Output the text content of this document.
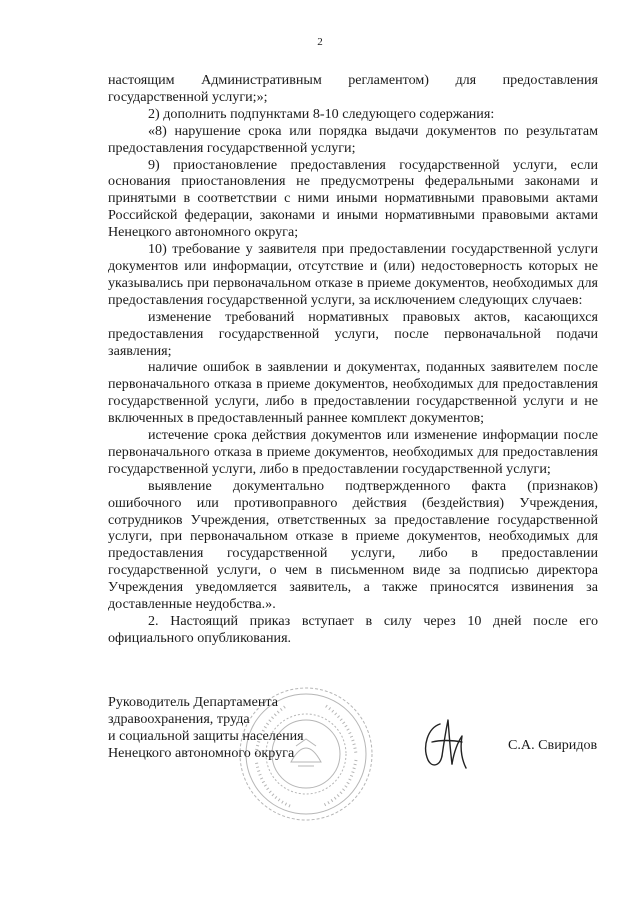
2

настоящим Административным регламентом) для предоставления государственной услуги;»;

2) дополнить подпунктами 8-10 следующего содержания:

«8) нарушение срока или порядка выдачи документов по результатам предоставления государственной услуги;

9) приостановление предоставления государственной услуги, если основания приостановления не предусмотрены федеральными законами и принятыми в соответствии с ними иными нормативными правовыми актами Российской федерации, законами и иными нормативными правовыми актами Ненецкого автономного округа;

10) требование у заявителя при предоставлении государственной услуги документов или информации, отсутствие и (или) недостоверность которых не указывались при первоначальном отказе в приеме документов, необходимых для предоставления государственной услуги, за исключением следующих случаев:

изменение требований нормативных правовых актов, касающихся предоставления государственной услуги, после первоначальной подачи заявления;

наличие ошибок в заявлении и документах, поданных заявителем после первоначального отказа в приеме документов, необходимых для предоставления государственной услуги, либо в предоставлении государственной услуги и не включенных в предоставленный раннее комплект документов;

истечение срока действия документов или изменение информации после первоначального отказа в приеме документов, необходимых для предоставления государственной услуги, либо в предоставлении государственной услуги;

выявление документально подтвержденного факта (признаков) ошибочного или противоправного действия (бездействия) Учреждения, сотрудников Учреждения, ответственных за предоставление государственной услуги, при первоначальном отказе в приеме документов, необходимых для предоставления государственной услуги, либо в предоставлении государственной услуги, о чем в письменном виде за подписью директора Учреждения уведомляется заявитель, а также приносятся извинения за доставленные неудобства.».

2. Настоящий приказ вступает в силу через 10 дней после его официального опубликования.

Руководитель Департамента
здравоохранения, труда
и социальной защиты населения
Ненецкого автономного округа	С.А. Свиридов
